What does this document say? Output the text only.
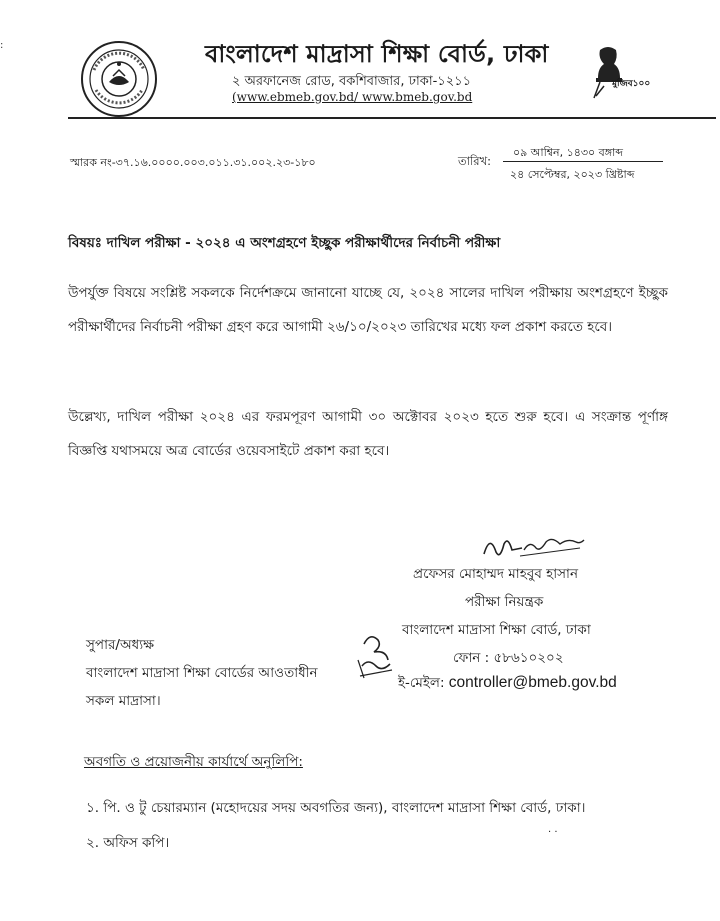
বাংলাদেশ মাদ্রাসা শিক্ষা বোর্ড, ঢাকা
২ অরফানেজ রোড, বকশিবাজার, ঢাকা-১২১১
(www.ebmeb.gov.bd/ www.bmeb.gov.bd
মুজিব১০০
স্মারক নং-৩৭.১৬.০০০০.০০৩.০১১.৩১.০০২.২৩-১৮০	তারিখ:
০৯ আশ্বিন, ১৪৩০ বঙ্গাব্দ
২৪ সেপ্টেম্বর, ২০২৩ খ্রিষ্টাব্দ
বিষয়ঃ দাখিল পরীক্ষা - ২০২৪ এ অংশগ্রহণে ইচ্ছুক পরীক্ষার্থীদের নির্বাচনী পরীক্ষা
উপর্যুক্ত বিষয়ে সংশ্লিষ্ট সকলকে নির্দেশক্রমে জানানো যাচ্ছে যে, ২০২৪ সালের দাখিল পরীক্ষায় অংশগ্রহণে ইচ্ছুক পরীক্ষার্থীদের নির্বাচনী পরীক্ষা গ্রহণ করে আগামী ২৬/১০/২০২৩ তারিখের মধ্যে ফল প্রকাশ করতে হবে।
উল্লেখ্য, দাখিল পরীক্ষা ২০২৪ এর ফরমপূরণ আগামী ৩০ অক্টোবর ২০২৩ হতে শুরু হবে। এ সংক্রান্ত পূর্ণাঙ্গ বিজ্ঞপ্তি যথাসময়ে অত্র বোর্ডের ওয়েবসাইটে প্রকাশ করা হবে।
প্রফেসর মোহাম্মদ মাহবুব হাসান
পরীক্ষা নিয়ন্ত্রক
বাংলাদেশ মাদ্রাসা শিক্ষা বোর্ড, ঢাকা
ফোন : ৫৮৬১০২০২
ই-মেইল: controller@bmeb.gov.bd
সুপার/অধ্যক্ষ
বাংলাদেশ মাদ্রাসা শিক্ষা বোর্ডের আওতাধীন
সকল মাদ্রাসা।
অবগতি ও প্রয়োজনীয় কার্যার্থে অনুলিপি:
১. পি. ও টু চেয়ারম্যান (মহোদয়ের সদয় অবগতির জন্য), বাংলাদেশ মাদ্রাসা শিক্ষা বোর্ড, ঢাকা।
২. অফিস কপি।
· ·
:
